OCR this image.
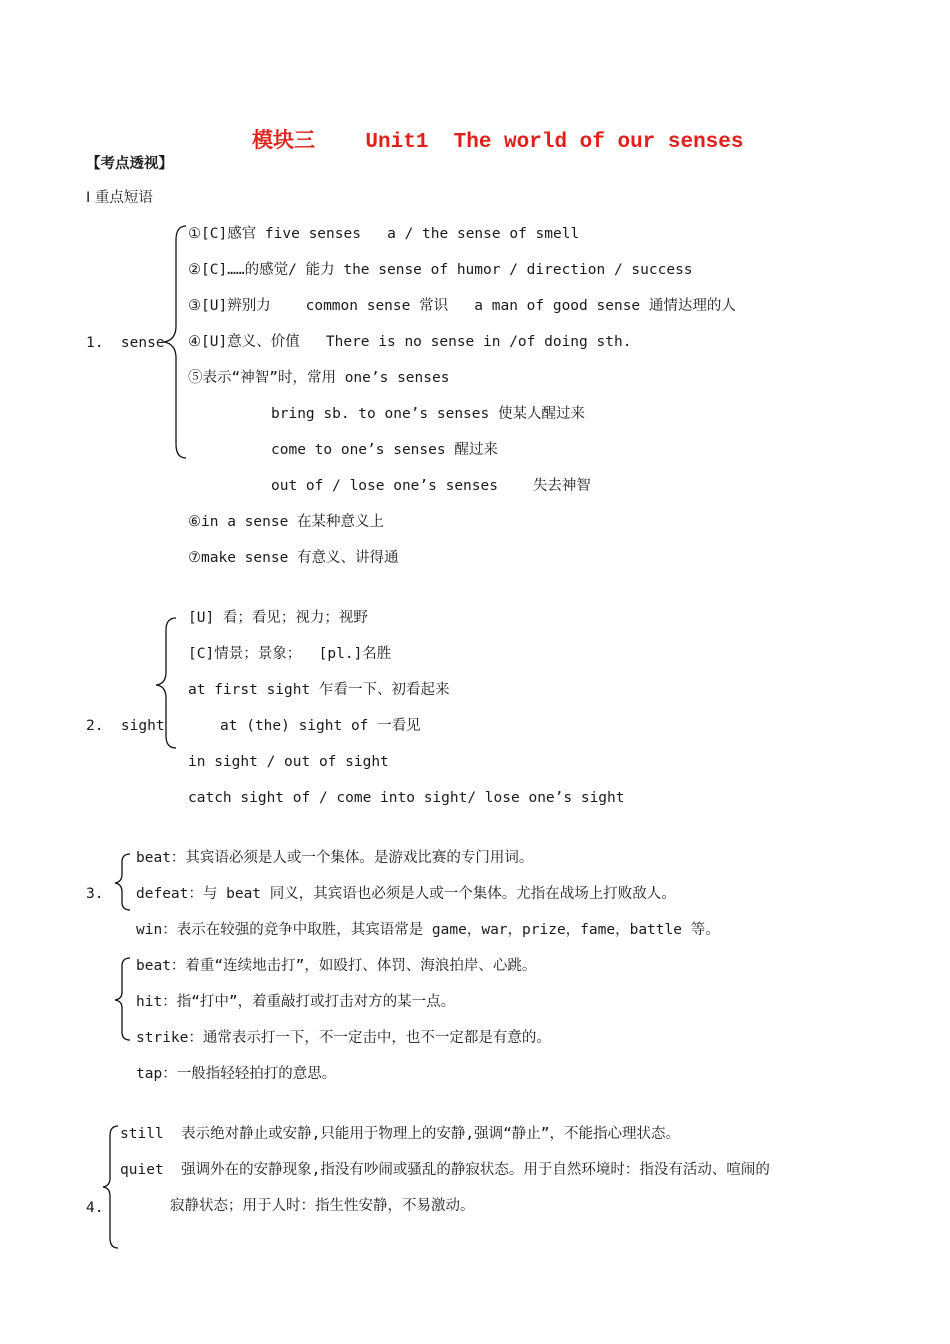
模块三 Unit1  The world of our senses
【考点透视】
I 重点短语
1.  sense
①[C]感官 five senses   a / the sense of smell
②[C]……的感觉/ 能力 the sense of humor / direction / success
③[U]辨别力    common sense 常识   a man of good sense 通情达理的人
④[U]意义、价值   There is no sense in /of doing sth.
⑤表示“神智”时，常用 one’s senses
bring sb. to one’s senses 使某人醒过来
come to one’s senses 醒过来
out of / lose one’s senses    失去神智
⑥in a sense 在某种意义上
⑦make sense 有意义、讲得通
2.  sight
[U] 看；看见；视力；视野
[C]情景；景象；  [pl.]名胜
at first sight 乍看一下、初看起来
at (the) sight of 一看见
in sight / out of sight
catch sight of / come into sight/ lose one’s sight
3.
beat：其宾语必须是人或一个集体。是游戏比赛的专门用词。
defeat：与 beat 同义，其宾语也必须是人或一个集体。尤指在战场上打败敌人。
win：表示在较强的竞争中取胜，其宾语常是 game，war，prize，fame，battle 等。
beat：着重“连续地击打”，如殴打、体罚、海浪拍岸、心跳。
hit：指“打中”，着重敲打或打击对方的某一点。
strike：通常表示打一下，不一定击中，也不一定都是有意的。
tap：一般指轻轻拍打的意思。
4.
still  表示绝对静止或安静,只能用于物理上的安静,强调“静止”，不能指心理状态。
quiet  强调外在的安静现象,指没有吵闹或骚乱的静寂状态。用于自然环境时：指没有活动、喧闹的
寂静状态；用于人时：指生性安静，不易激动。
